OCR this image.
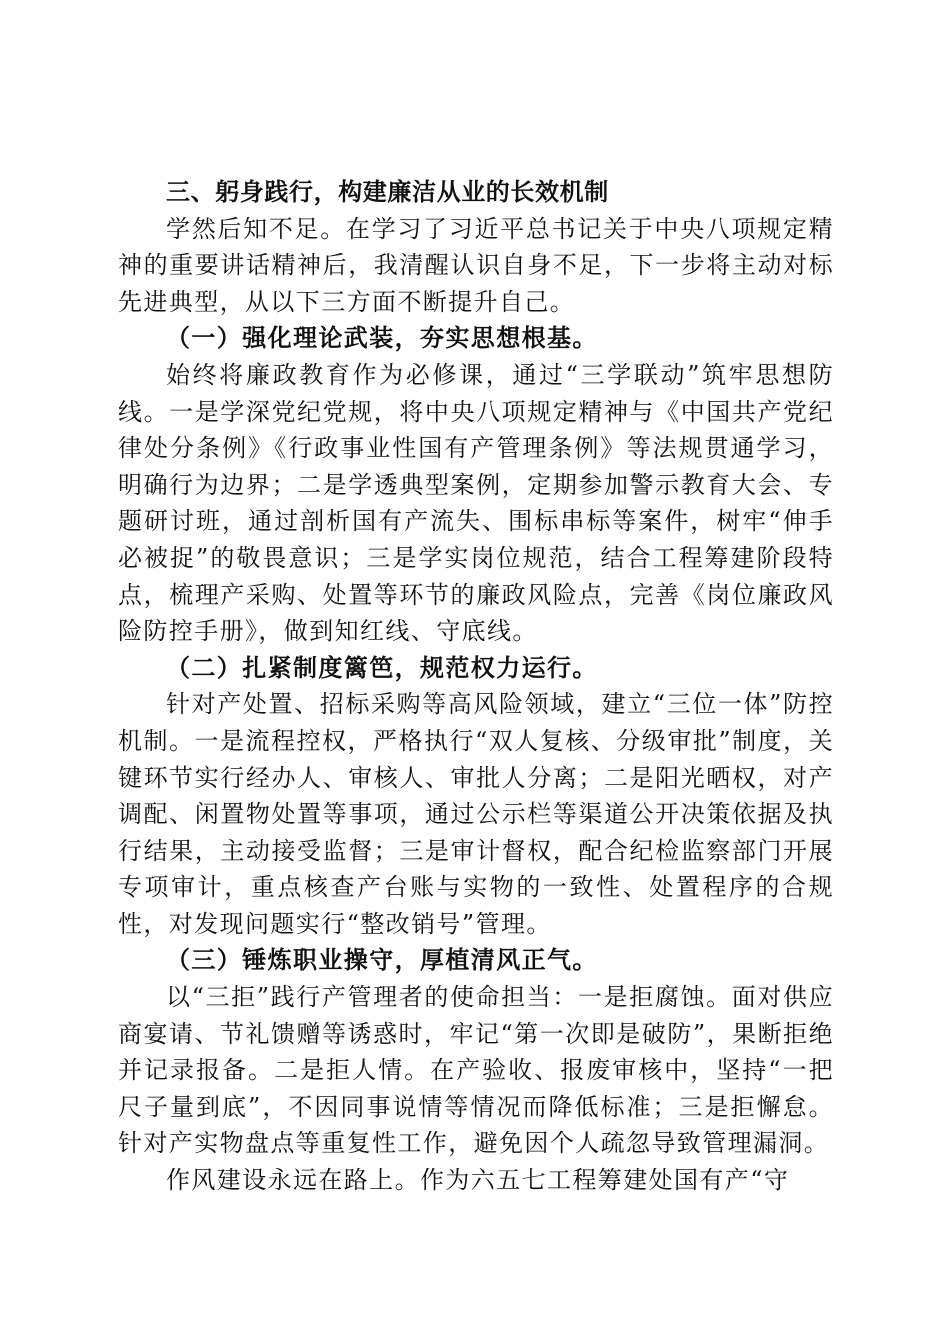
三、躬身践行，构建廉洁从业的长效机制

学然后知不足。在学习了习近平总书记关于中央八项规定精神的重要讲话精神后，我清醒认识自身不足，下一步将主动对标先进典型，从以下三方面不断提升自己。

（一）强化理论武装，夯实思想根基。

始终将廉政教育作为必修课，通过“三学联动”筑牢思想防线。一是学深党纪党规，将中央八项规定精神与《中国共产党纪律处分条例》《行政事业性国有产管理条例》等法规贯通学习，明确行为边界；二是学透典型案例，定期参加警示教育大会、专题研讨班，通过剖析国有产流失、围标串标等案件，树牢“伸手必被捉”的敬畏意识；三是学实岗位规范，结合工程筹建阶段特点，梳理产采购、处置等环节的廉政风险点，完善《岗位廉政风险防控手册》，做到知红线、守底线。

（二）扎紧制度篱笆，规范权力运行。

针对产处置、招标采购等高风险领域，建立“三位一体”防控机制。一是流程控权，严格执行“双人复核、分级审批”制度，关键环节实行经办人、审核人、审批人分离；二是阳光晒权，对产调配、闲置物处置等事项，通过公示栏等渠道公开决策依据及执行结果，主动接受监督；三是审计督权，配合纪检监察部门开展专项审计，重点核查产台账与实物的一致性、处置程序的合规性，对发现问题实行“整改销号”管理。

（三）锤炼职业操守，厚植清风正气。

以“三拒”践行产管理者的使命担当：一是拒腐蚀。面对供应商宴请、节礼馈赠等诱惑时，牢记“第一次即是破防”，果断拒绝并记录报备。二是拒人情。在产验收、报废审核中，坚持“一把尺子量到底”，不因同事说情等情况而降低标准；三是拒懈怠。针对产实物盘点等重复性工作，避免因个人疏忽导致管理漏洞。

作风建设永远在路上。作为六五七工程筹建处国有产“守
